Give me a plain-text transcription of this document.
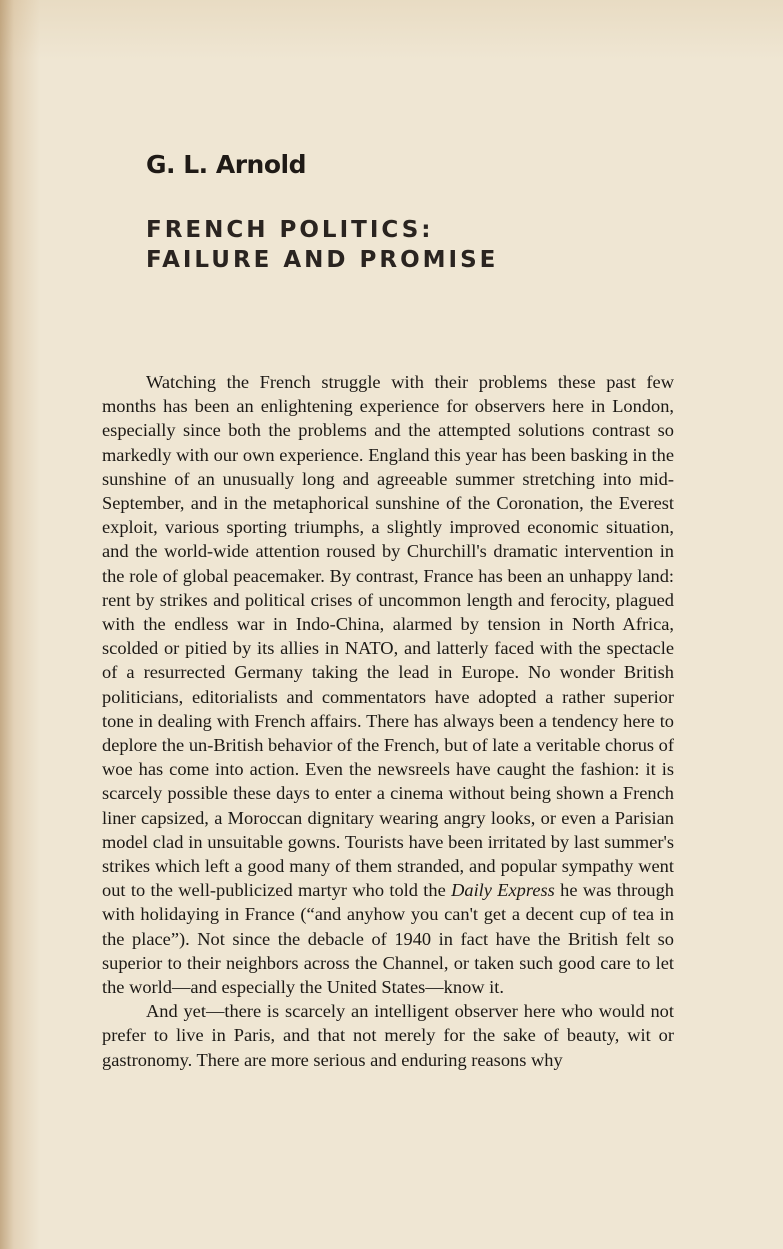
G. L. Arnold
FRENCH POLITICS:
FAILURE AND PROMISE

Watching the French struggle with their problems these past few months has been an enlightening experience for observers here in London, especially since both the problems and the attempted solutions contrast so markedly with our own experience. England this year has been basking in the sunshine of an unusually long and agreeable summer stretching into mid-September, and in the metaphorical sunshine of the Coronation, the Everest exploit, various sporting triumphs, a slightly improved economic situation, and the world-wide attention roused by Churchill's dramatic intervention in the role of global peacemaker. By contrast, France has been an unhappy land: rent by strikes and political crises of uncommon length and ferocity, plagued with the endless war in Indo-China, alarmed by tension in North Africa, scolded or pitied by its allies in NATO, and latterly faced with the spectacle of a resurrected Germany taking the lead in Europe. No wonder British politicians, editorialists and commentators have adopted a rather superior tone in dealing with French affairs. There has always been a tendency here to deplore the un-British behavior of the French, but of late a veritable chorus of woe has come into action. Even the newsreels have caught the fashion: it is scarcely possible these days to enter a cinema without being shown a French liner capsized, a Moroccan dignitary wearing angry looks, or even a Parisian model clad in unsuitable gowns. Tourists have been irritated by last summer's strikes which left a good many of them stranded, and popular sympathy went out to the well-publicized martyr who told the Daily Express he was through with holidaying in France (“and anyhow you can't get a decent cup of tea in the place”). Not since the debacle of 1940 in fact have the British felt so superior to their neighbors across the Channel, or taken such good care to let the world—and especially the United States—know it.

And yet—there is scarcely an intelligent observer here who would not prefer to live in Paris, and that not merely for the sake of beauty, wit or gastronomy. There are more serious and enduring reasons why
